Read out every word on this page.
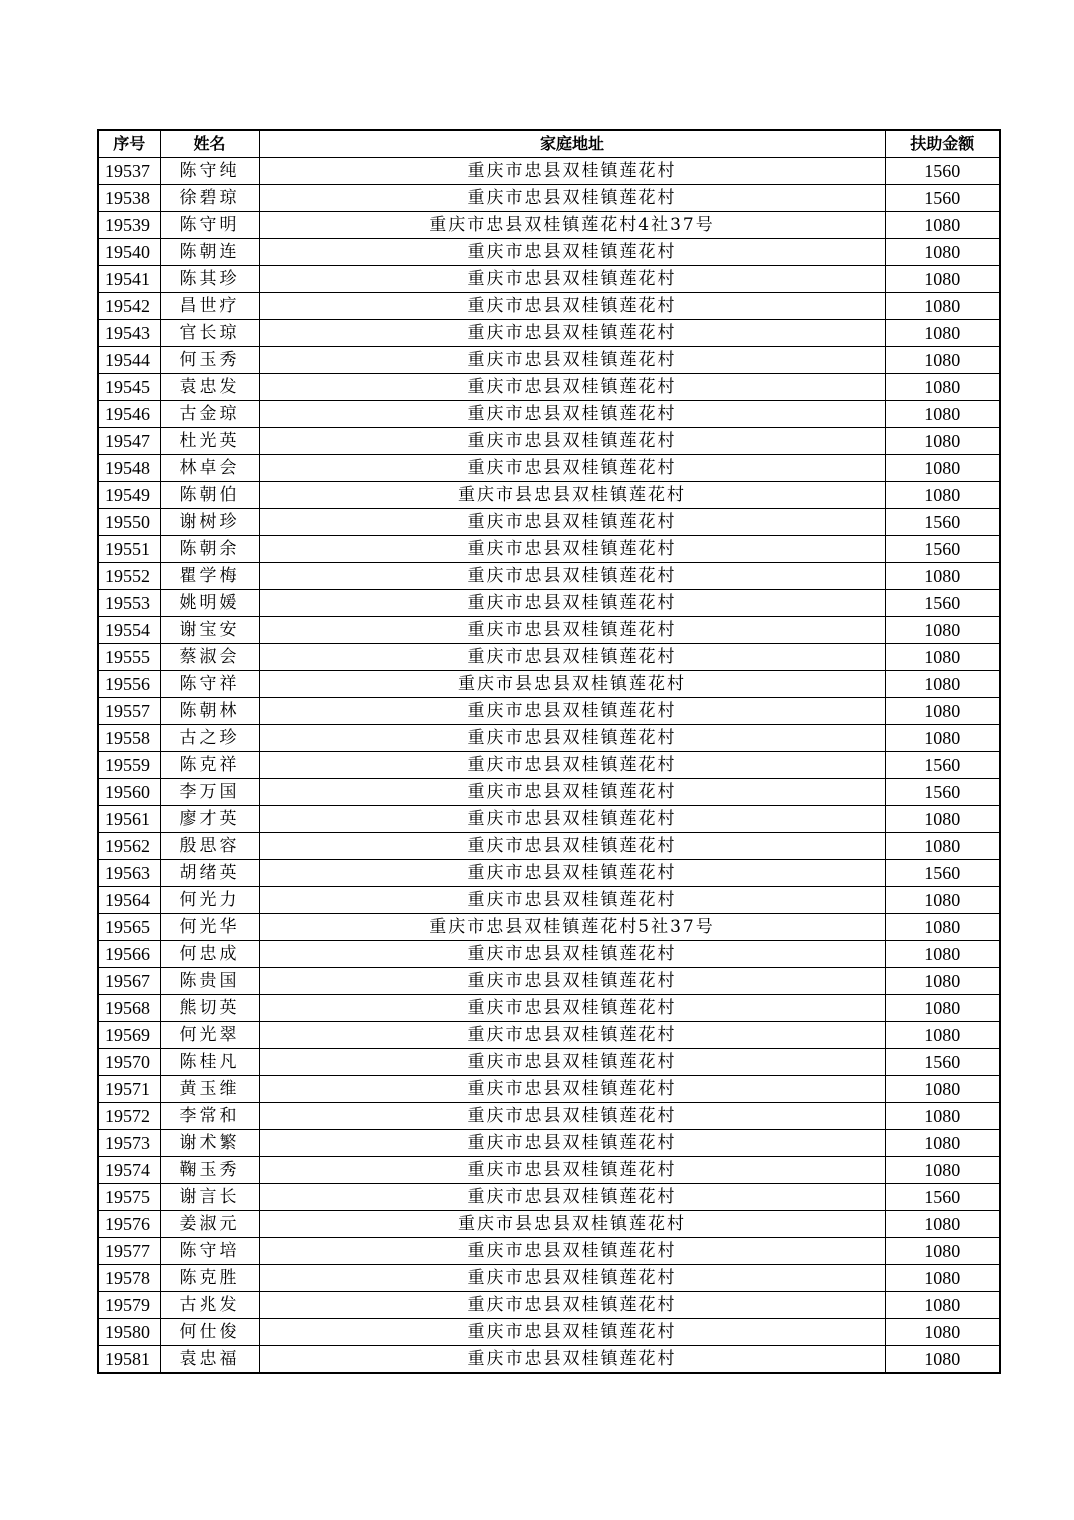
序号	姓名	家庭地址	扶助金额
19537	陈守纯	重庆市忠县双桂镇莲花村	1560
19538	徐碧琼	重庆市忠县双桂镇莲花村	1560
19539	陈守明	重庆市忠县双桂镇莲花村4社37号	1080
19540	陈朝连	重庆市忠县双桂镇莲花村	1080
19541	陈其珍	重庆市忠县双桂镇莲花村	1080
19542	昌世疗	重庆市忠县双桂镇莲花村	1080
19543	官长琼	重庆市忠县双桂镇莲花村	1080
19544	何玉秀	重庆市忠县双桂镇莲花村	1080
19545	袁忠发	重庆市忠县双桂镇莲花村	1080
19546	古金琼	重庆市忠县双桂镇莲花村	1080
19547	杜光英	重庆市忠县双桂镇莲花村	1080
19548	林卓会	重庆市忠县双桂镇莲花村	1080
19549	陈朝伯	重庆市县忠县双桂镇莲花村	1080
19550	谢树珍	重庆市忠县双桂镇莲花村	1560
19551	陈朝余	重庆市忠县双桂镇莲花村	1560
19552	瞿学梅	重庆市忠县双桂镇莲花村	1080
19553	姚明媛	重庆市忠县双桂镇莲花村	1560
19554	谢宝安	重庆市忠县双桂镇莲花村	1080
19555	蔡淑会	重庆市忠县双桂镇莲花村	1080
19556	陈守祥	重庆市县忠县双桂镇莲花村	1080
19557	陈朝林	重庆市忠县双桂镇莲花村	1080
19558	古之珍	重庆市忠县双桂镇莲花村	1080
19559	陈克祥	重庆市忠县双桂镇莲花村	1560
19560	李万国	重庆市忠县双桂镇莲花村	1560
19561	廖才英	重庆市忠县双桂镇莲花村	1080
19562	殷思容	重庆市忠县双桂镇莲花村	1080
19563	胡绪英	重庆市忠县双桂镇莲花村	1560
19564	何光力	重庆市忠县双桂镇莲花村	1080
19565	何光华	重庆市忠县双桂镇莲花村5社37号	1080
19566	何忠成	重庆市忠县双桂镇莲花村	1080
19567	陈贵国	重庆市忠县双桂镇莲花村	1080
19568	熊切英	重庆市忠县双桂镇莲花村	1080
19569	何光翠	重庆市忠县双桂镇莲花村	1080
19570	陈桂凡	重庆市忠县双桂镇莲花村	1560
19571	黄玉维	重庆市忠县双桂镇莲花村	1080
19572	李常和	重庆市忠县双桂镇莲花村	1080
19573	谢术繁	重庆市忠县双桂镇莲花村	1080
19574	鞠玉秀	重庆市忠县双桂镇莲花村	1080
19575	谢言长	重庆市忠县双桂镇莲花村	1560
19576	姜淑元	重庆市县忠县双桂镇莲花村	1080
19577	陈守培	重庆市忠县双桂镇莲花村	1080
19578	陈克胜	重庆市忠县双桂镇莲花村	1080
19579	古兆发	重庆市忠县双桂镇莲花村	1080
19580	何仕俊	重庆市忠县双桂镇莲花村	1080
19581	袁忠福	重庆市忠县双桂镇莲花村	1080
